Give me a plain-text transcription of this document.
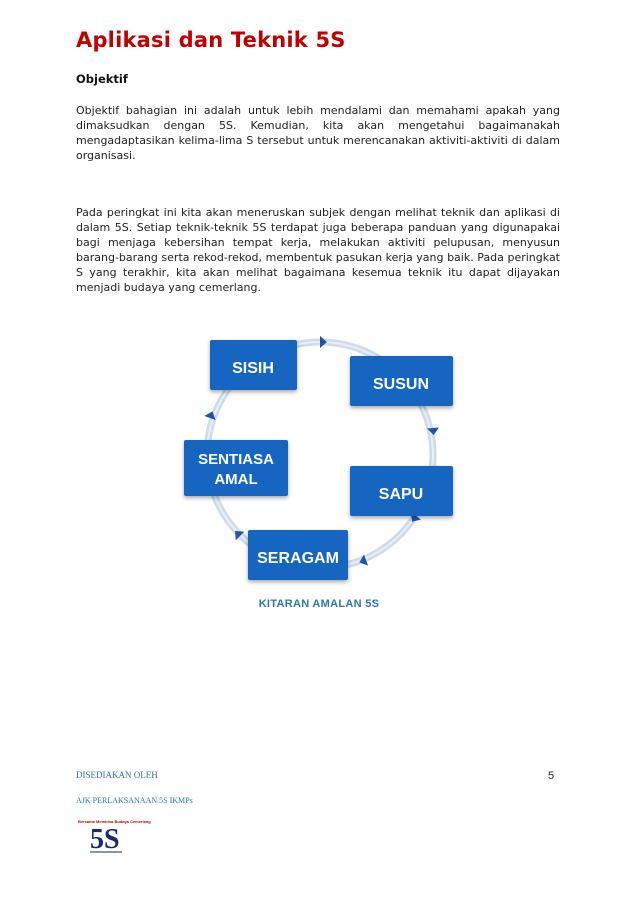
Aplikasi dan Teknik 5S
Objektif

Objektif bahagian ini adalah untuk lebih mendalami dan memahami apakah yang dimaksudkan dengan 5S. Kemudian, kita akan mengetahui bagaimanakah mengadaptasikan kelima-lima S tersebut untuk merencanakan aktiviti-aktiviti di dalam organisasi.

Pada peringkat ini kita akan meneruskan subjek dengan melihat teknik dan aplikasi di dalam 5S. Setiap teknik-teknik 5S terdapat juga beberapa panduan yang digunapakai bagi menjaga kebersihan tempat kerja, melakukan aktiviti pelupusan, menyusun barang-barang serta rekod-rekod, membentuk pasukan kerja yang baik. Pada peringkat S yang terakhir, kita akan melihat bagaimana kesemua teknik itu dapat dijayakan menjadi budaya yang cemerlang.

SISIH
SUSUN
SAPU
SERAGAM
SENTIASA
AMAL

KITARAN AMALAN 5S

DISEDIAKAN OLEH	5

AJK PERLAKSANAAN 5S IKMPs

Bersama Membina Budaya Cemerlang
5S
